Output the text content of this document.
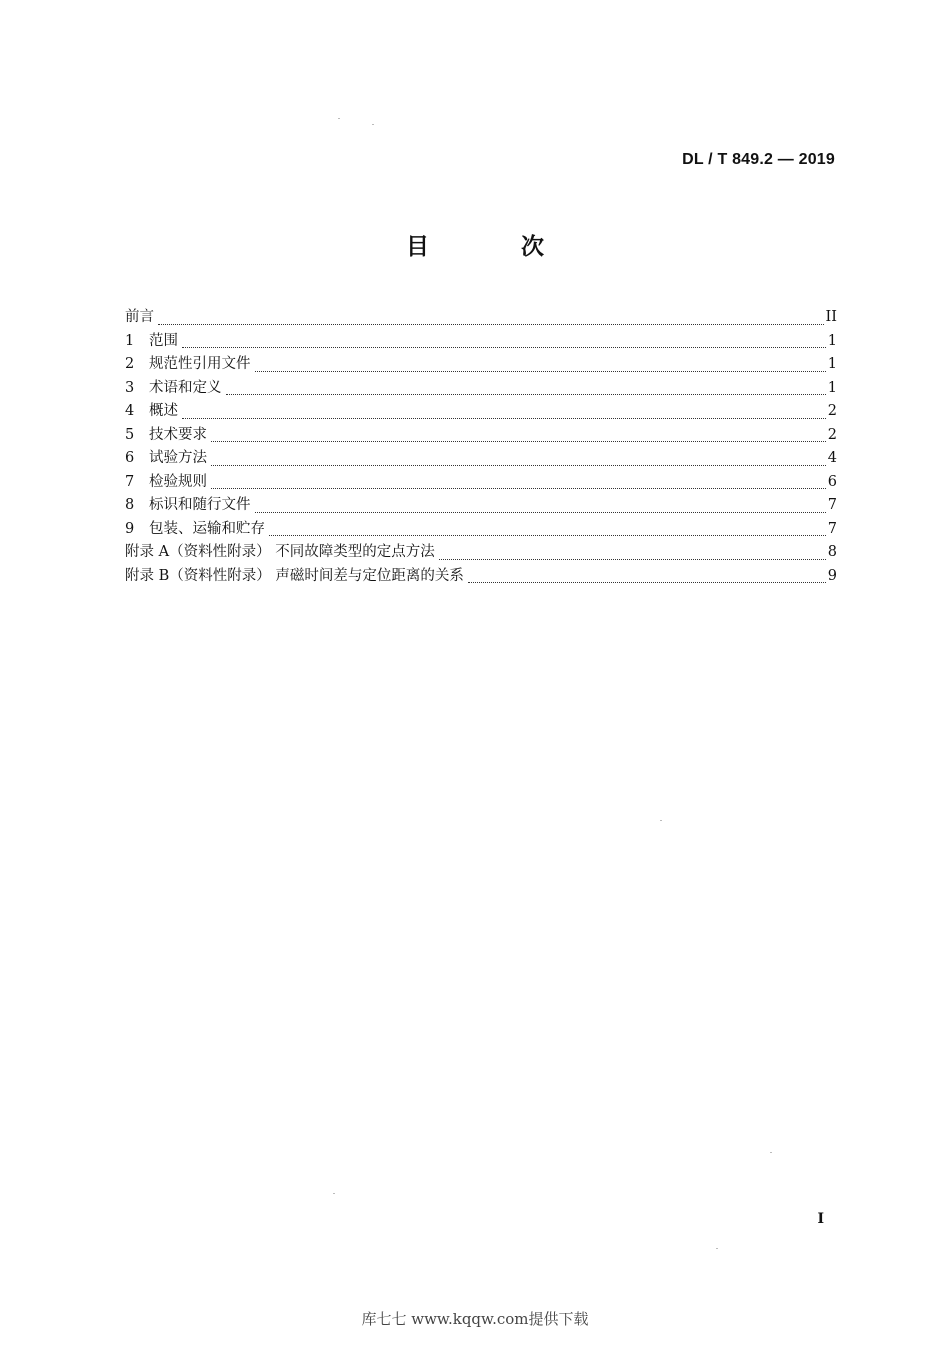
DL / T 849.2 — 2019
目 次
前言	II
1	范围	1
2	规范性引用文件	1
3	术语和定义	1
4	概述	2
5	技术要求	2
6	试验方法	4
7	检验规则	6
8	标识和随行文件	7
9	包装、运输和贮存	7
附录 A（资料性附录） 不同故障类型的定点方法	8
附录 B（资料性附录） 声磁时间差与定位距离的关系	9
I
库七七 www.kqqw.com提供下载
